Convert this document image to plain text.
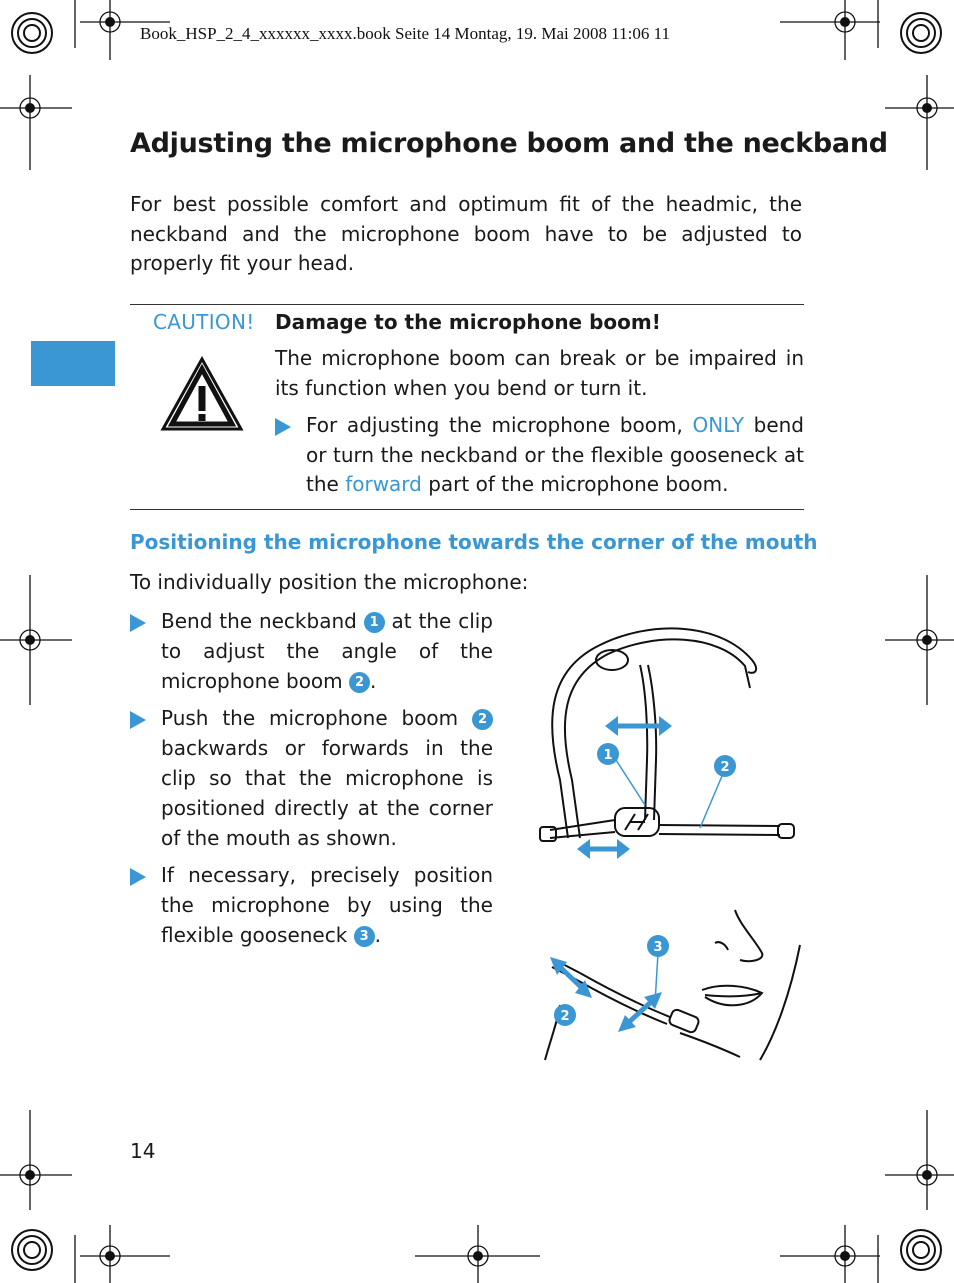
Book_HSP_2_4_xxxxxx_xxxx.book Seite 14 Montag, 19. Mai 2008 11:06 11
Adjusting the microphone boom and the neckband
For best possible comfort and optimum fit of the headmic, the neckband and the microphone boom have to be adjusted to properly fit your head.
CAUTION! Damage to the microphone boom!
The microphone boom can break or be impaired in its function when you bend or turn it.
For adjusting the microphone boom, ONLY bend or turn the neckband or the flexible gooseneck at the forward part of the microphone boom.
Positioning the microphone towards the corner of the mouth
To individually position the microphone:
Bend the neckband 1 at the clip to adjust the angle of the microphone boom 2 .
Push the microphone boom 2 backwards or forwards in the clip so that the microphone is positioned directly at the corner of the mouth as shown.
If necessary, precisely position the microphone by using the flexible gooseneck 3 .
1
2
3
2
14
